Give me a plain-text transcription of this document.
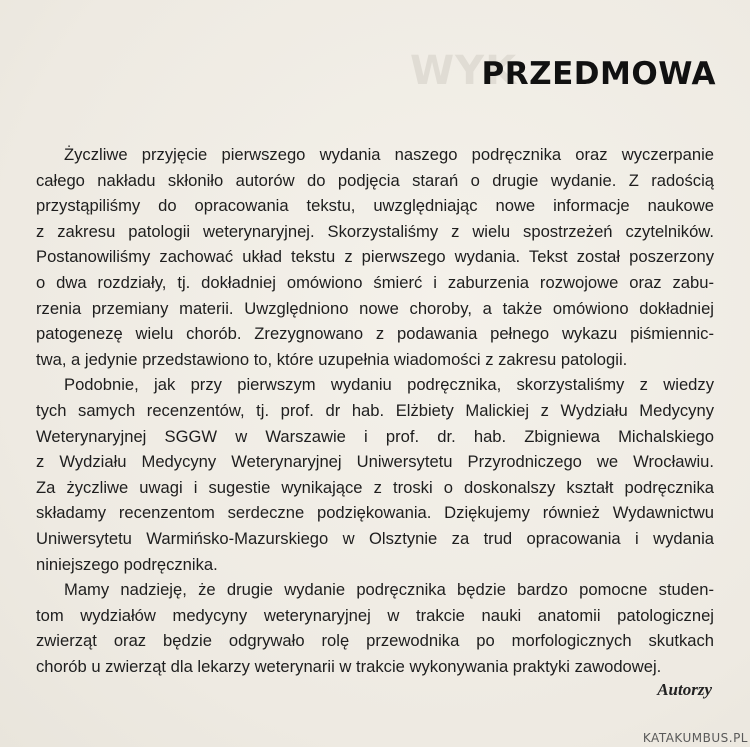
WYK
PRZEDMOWA

Życzliwe przyjęcie pierwszego wydania naszego podręcznika oraz wyczerpanie
całego nakładu skłoniło autorów do podjęcia starań o drugie wydanie. Z radością
przystąpiliśmy do opracowania tekstu, uwzględniając nowe informacje naukowe
z zakresu patologii weterynaryjnej. Skorzystaliśmy z wielu spostrzeżeń czytelników.
Postanowiliśmy zachować układ tekstu z pierwszego wydania. Tekst został poszerzony
o dwa rozdziały, tj. dokładniej omówiono śmierć i zaburzenia rozwojowe oraz zabu-
rzenia przemiany materii. Uwzględniono nowe choroby, a także omówiono dokładniej
patogenezę wielu chorób. Zrezygnowano z podawania pełnego wykazu piśmiennic-
twa, a jedynie przedstawiono to, które uzupełnia wiadomości z zakresu patologii.

Podobnie, jak przy pierwszym wydaniu podręcznika, skorzystaliśmy z wiedzy
tych samych recenzentów, tj. prof. dr hab. Elżbiety Malickiej z Wydziału Medycyny
Weterynaryjnej SGGW w Warszawie i prof. dr. hab. Zbigniewa Michalskiego
z Wydziału Medycyny Weterynaryjnej Uniwersytetu Przyrodniczego we Wrocławiu.
Za życzliwe uwagi i sugestie wynikające z troski o doskonalszy kształt podręcznika
składamy recenzentom serdeczne podziękowania. Dziękujemy również Wydawnictwu
Uniwersytetu Warmińsko-Mazurskiego w Olsztynie za trud opracowania i wydania
niniejszego podręcznika.

Mamy nadzieję, że drugie wydanie podręcznika będzie bardzo pomocne studen-
tom wydziałów medycyny weterynaryjnej w trakcie nauki anatomii patologicznej
zwierząt oraz będzie odgrywało rolę przewodnika po morfologicznych skutkach
chorób u zwierząt dla lekarzy weterynarii w trakcie wykonywania praktyki zawodowej.

Autorzy
KATAKUMBUS.PL
